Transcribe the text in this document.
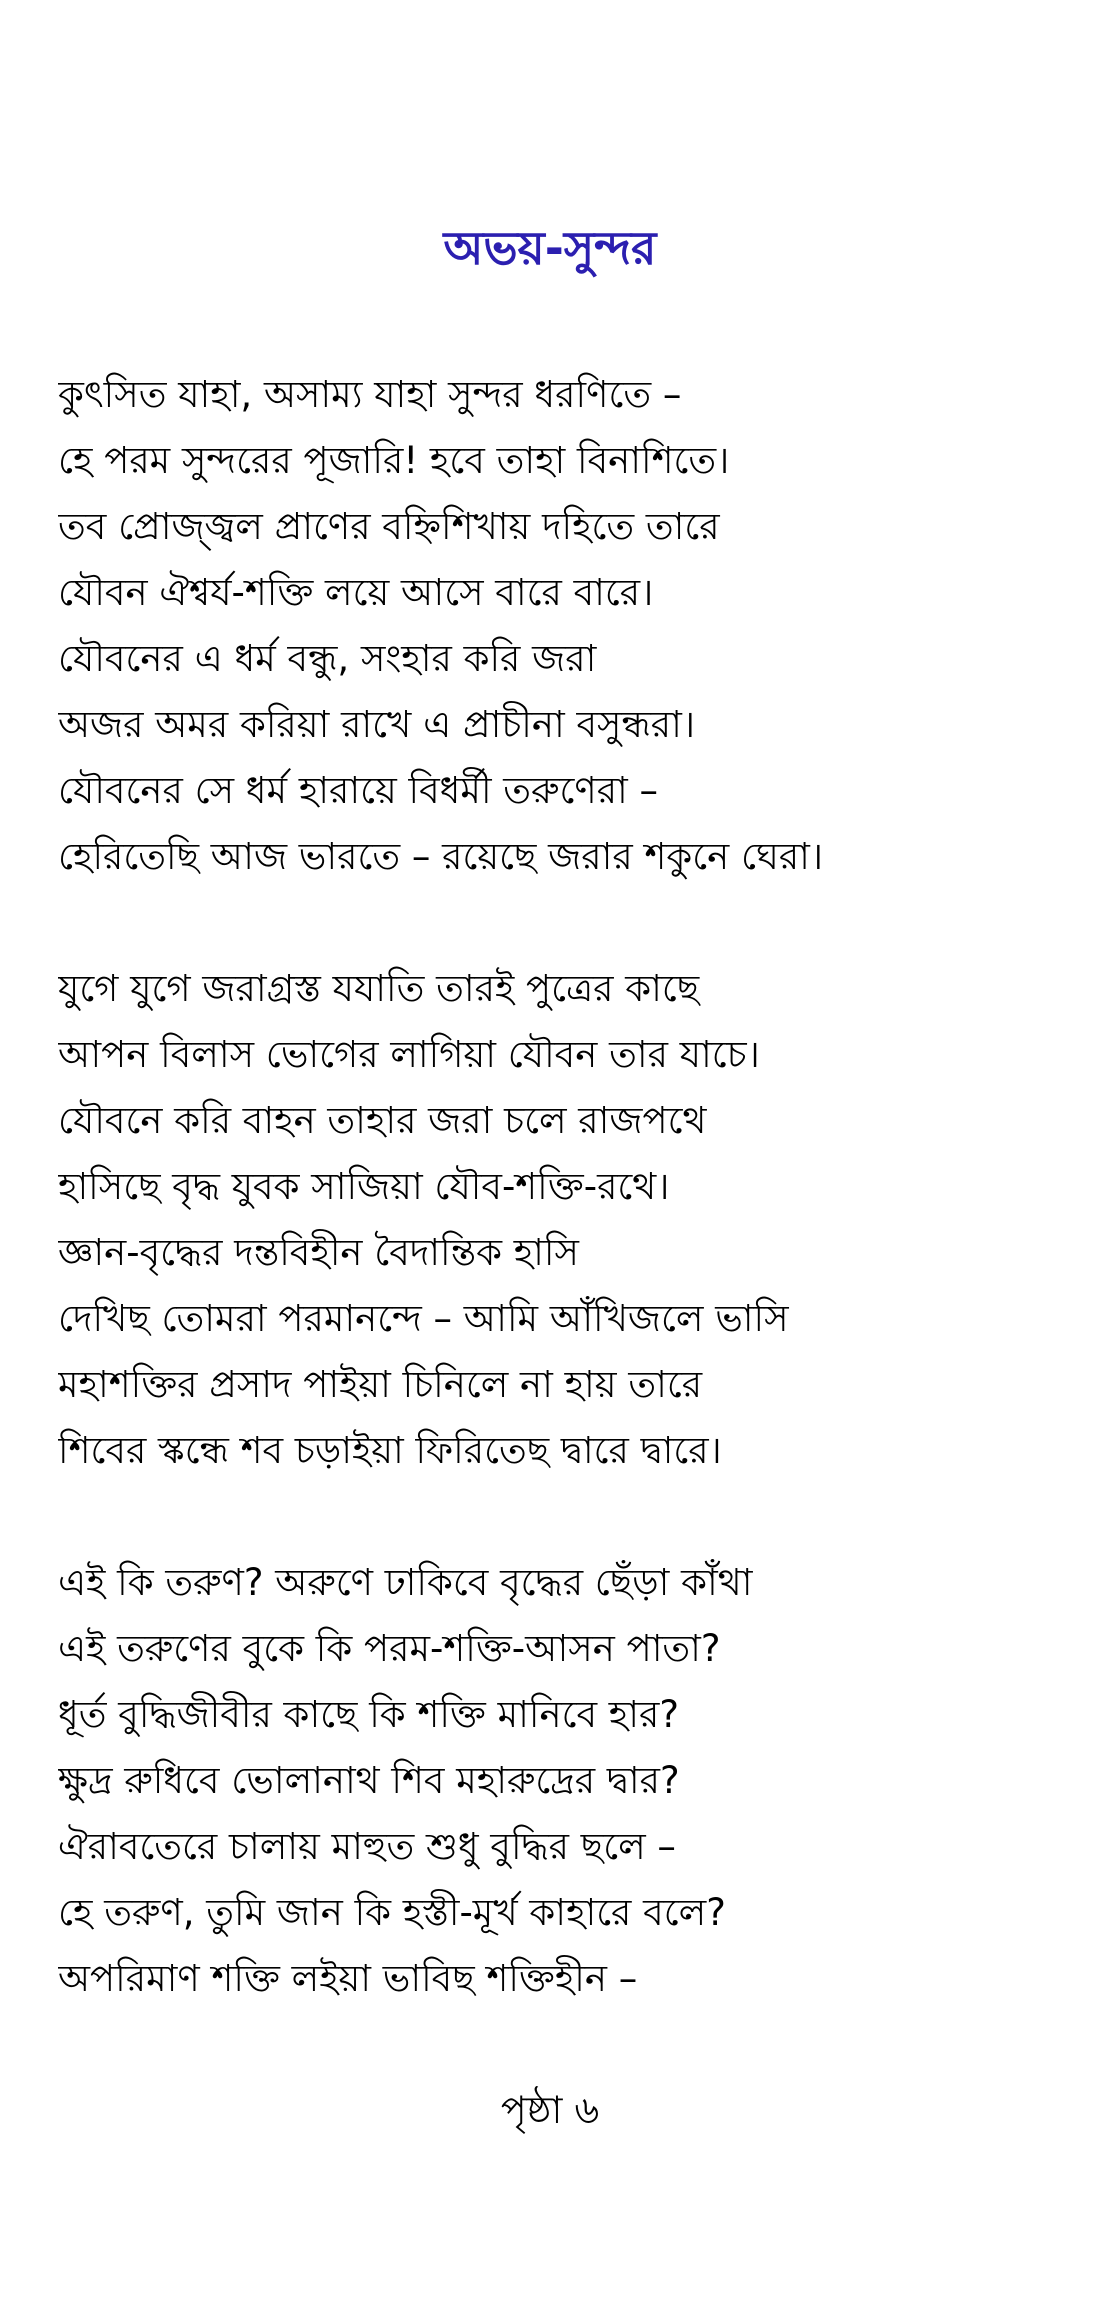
অভয়-সুন্দর
কুৎসিত যাহা, অসাম্য যাহা সুন্দর ধরণিতে –
হে পরম সুন্দরের পূজারি! হবে তাহা বিনাশিতে।
তব প্রোজ্জ্বল প্রাণের বহ্নিশিখায় দহিতে তারে
যৌবন ঐশ্বর্য-শক্তি লয়ে আসে বারে বারে।
যৌবনের এ ধর্ম বন্ধু, সংহার করি জরা
অজর অমর করিয়া রাখে এ প্রাচীনা বসুন্ধরা।
যৌবনের সে ধর্ম হারায়ে বিধর্মী তরুণেরা –
হেরিতেছি আজ ভারতে – রয়েছে জরার শকুনে ঘেরা।
যুগে যুগে জরাগ্রস্ত যযাতি তারই পুত্রের কাছে
আপন বিলাস ভোগের লাগিয়া যৌবন তার যাচে।
যৌবনে করি বাহন তাহার জরা চলে রাজপথে
হাসিছে বৃদ্ধ যুবক সাজিয়া যৌব-শক্তি-রথে।
জ্ঞান-বৃদ্ধের দন্তবিহীন বৈদান্তিক হাসি
দেখিছ তোমরা পরমানন্দে – আমি আঁখিজলে ভাসি
মহাশক্তির প্রসাদ পাইয়া চিনিলে না হায় তারে
শিবের স্কন্ধে শব চড়াইয়া ফিরিতেছ দ্বারে দ্বারে।
এই কি তরুণ? অরুণে ঢাকিবে বৃদ্ধের ছেঁড়া কাঁথা
এই তরুণের বুকে কি পরম-শক্তি-আসন পাতা?
ধূর্ত বুদ্ধিজীবীর কাছে কি শক্তি মানিবে হার?
ক্ষুদ্র রুধিবে ভোলানাথ শিব মহারুদ্রের দ্বার?
ঐরাবতেরে চালায় মাহুত শুধু বুদ্ধির ছলে –
হে তরুণ, তুমি জান কি হস্তী-মূর্খ কাহারে বলে?
অপরিমাণ শক্তি লইয়া ভাবিছ শক্তিহীন –
পৃষ্ঠা ৬
